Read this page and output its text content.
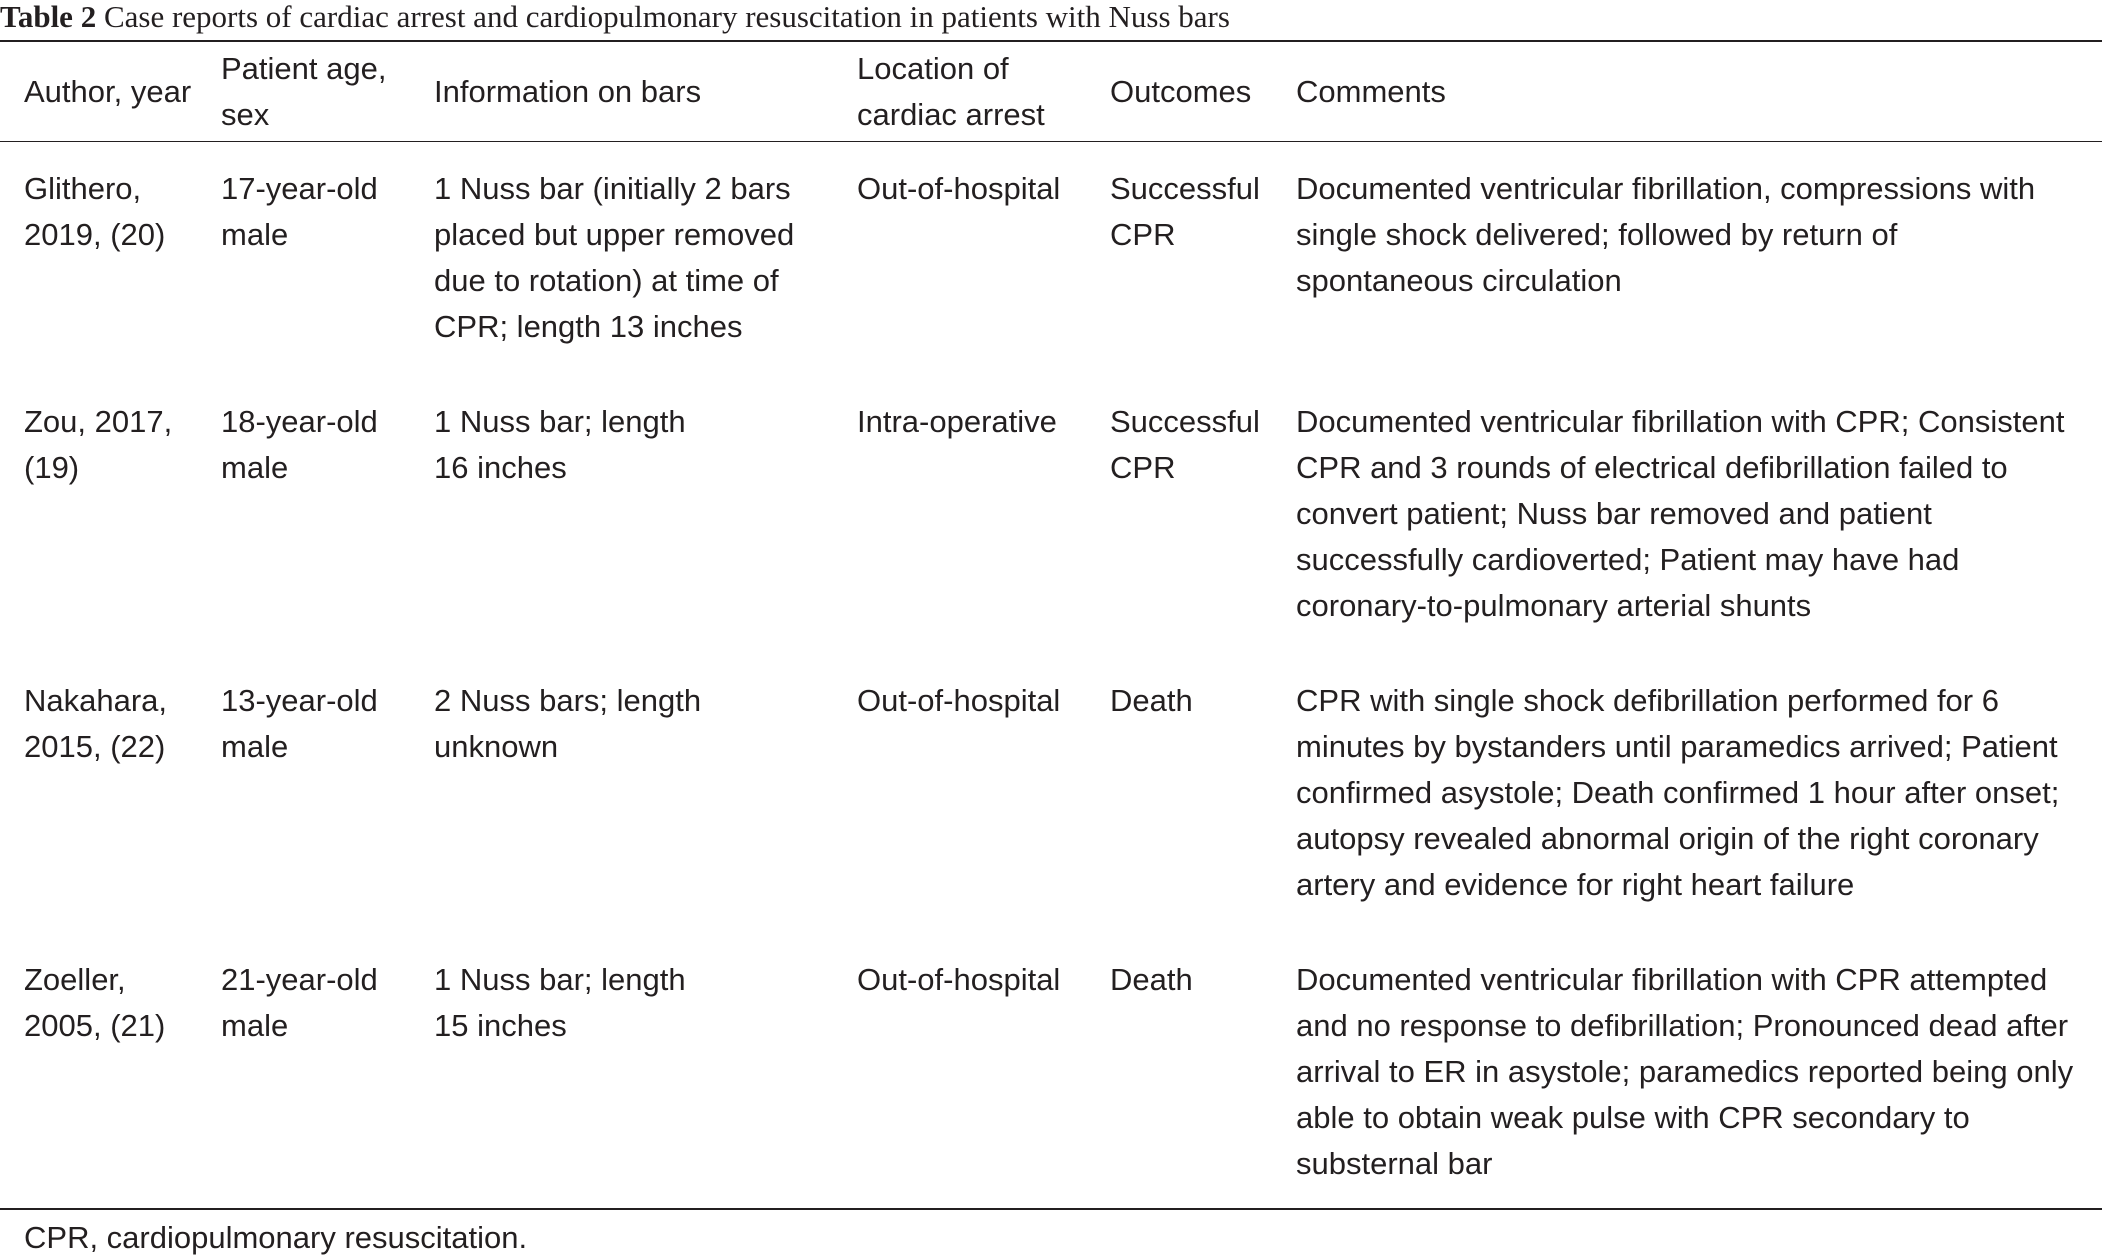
Table 2 Case reports of cardiac arrest and cardiopulmonary resuscitation in patients with Nuss bars
Author, year	Patient age, sex	Information on bars	Location of cardiac arrest	Outcomes	Comments
Glithero, 2019, (20)	17-year-old male	1 Nuss bar (initially 2 bars placed but upper removed due to rotation) at time of CPR; length 13 inches	Out-of-hospital	Successful CPR	Documented ventricular fibrillation, compressions with single shock delivered; followed by return of spontaneous circulation
Zou, 2017, (19)	18-year-old male	1 Nuss bar; length 16 inches	Intra-operative	Successful CPR	Documented ventricular fibrillation with CPR; Consistent CPR and 3 rounds of electrical defibrillation failed to convert patient; Nuss bar removed and patient successfully cardioverted; Patient may have had coronary-to-pulmonary arterial shunts
Nakahara, 2015, (22)	13-year-old male	2 Nuss bars; length unknown	Out-of-hospital	Death	CPR with single shock defibrillation performed for 6 minutes by bystanders until paramedics arrived; Patient confirmed asystole; Death confirmed 1 hour after onset; autopsy revealed abnormal origin of the right coronary artery and evidence for right heart failure
Zoeller, 2005, (21)	21-year-old male	1 Nuss bar; length 15 inches	Out-of-hospital	Death	Documented ventricular fibrillation with CPR attempted and no response to defibrillation; Pronounced dead after arrival to ER in asystole; paramedics reported being only able to obtain weak pulse with CPR secondary to substernal bar
CPR, cardiopulmonary resuscitation.
